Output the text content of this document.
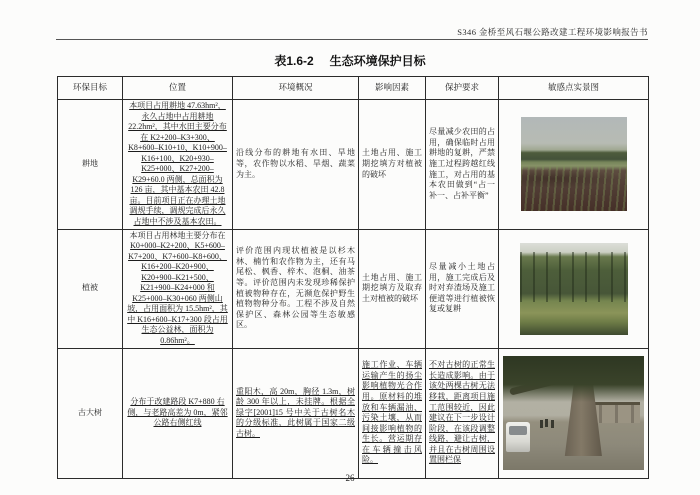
S346 金桥至风石堰公路改建工程环境影响报告书
表1.6-2 生态环境保护目标
环保目标	位置	环境概况	影响因素	保护要求	敏感点实景图
耕地	本项目占用耕地 47.63hm²，永久占地中占用耕地 22.2hm²，其中水田主要分布在 K2+200–K3+300、K8+600–K10+10、K10+900–K16+100、K20+930–K25+000、K27+200–K29+60.0 两侧，总面积为 126 亩，其中基本农田 42.8 亩。目前项目正在办理土地调规手续，调规完成后永久占地中不涉及基本农田。	沿线分布的耕地有水田、旱地等，农作物以水稻、旱烟、蔬菜为主。	土地占用、施工期挖填方对植被的破坏	尽量减少农田的占用，确保临时占用耕地的复耕，严禁施工过程跨越红线施工，对占用的基本农田做到“占一补一、占补平衡”	

植被	本项目占用林地主要分布在K0+000–K2+200、K5+600–K7+200、K7+600–K8+600、K16+200–K20+900、K20+900–K21+500、K21+900–K24+000 和 K25+000–K30+060 两侧山坡，占用面积为 15.5hm²，其中 K16+600–K17+300 段占用生态公益林，面积为 0.86hm²。	评价范围内现状植被是以杉木林、楠竹和农作物为主，还有马尾松、枫香、梓木、泡桐、油茶等。评价范围内未发现珍稀保护植被物种存在，无濒危保护野生植物物种分布。工程不涉及自然保护区、森林公园等生态敏感区。	土地占用、施工期挖填方及取弃土对植被的破坏	尽量减小土地占用，施工完成后及时对弃渣场及施工便道等进行植被恢复或复耕	

古大树	分布于改建路段 K7+880 右侧，与老路高差为 0m，紧邻公路右侧红线	重阳木，高 20m，胸径 1.3m，树龄 300 年以上，未挂牌。根据全绿字[2001]15 号中关于古树名木的分级标准，此树属于国家二级古树。	施工作业、车辆运输产生的扬尘影响植物光合作用。原材料的堆放和车辆漏油、污染土壤，从而间接影响植物的生长。营运期存在车辆撞击风险。	不对古树的正常生长造成影响。由于该处两棵古树无法移栽，距离项目施工范围较近，因此建议在下一步设计阶段，在该段调整线路，避让古树，并且在古树周围设置围栏保	
26
